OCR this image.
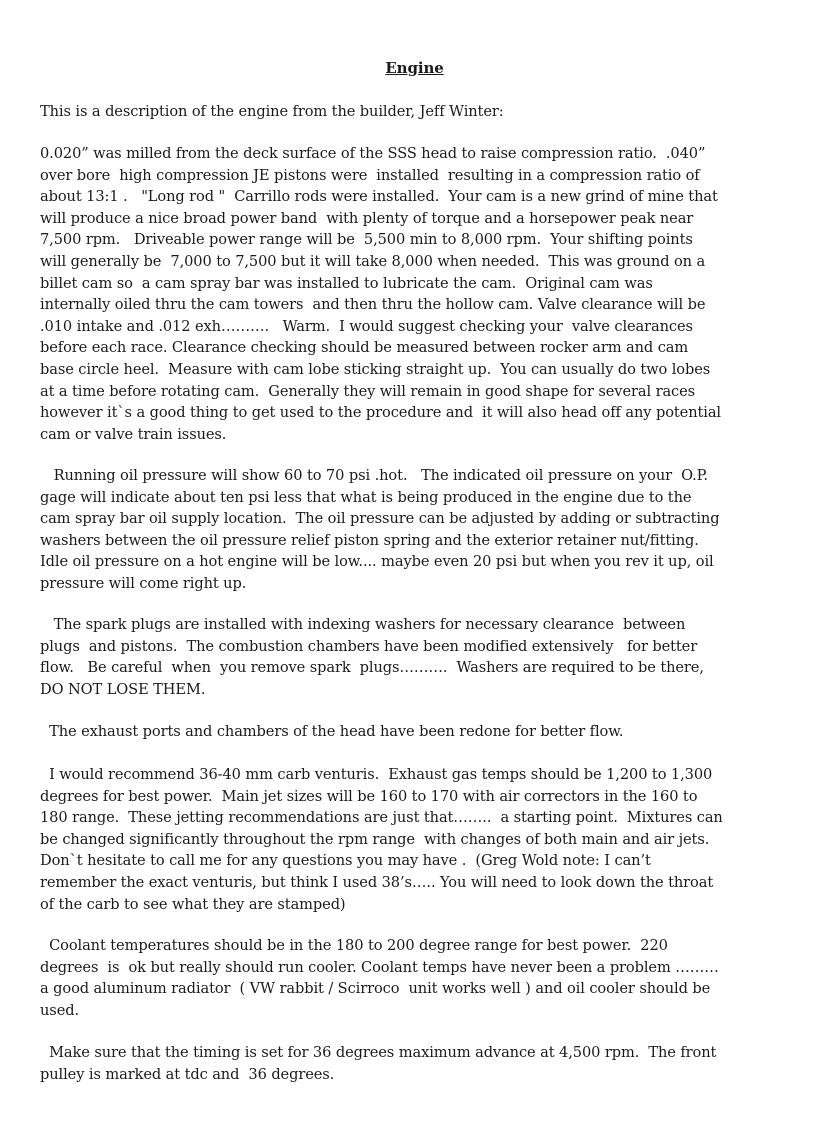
Engine
This is a description of the engine from the builder, Jeff Winter:
0.020” was milled from the deck surface of the SSS head to raise compression ratio.  .040”
over bore  high compression JE pistons were  installed  resulting in a compression ratio of
about 13:1 .   "Long rod "  Carrillo rods were installed.  Your cam is a new grind of mine that
will produce a nice broad power band  with plenty of torque and a horsepower peak near
7,500 rpm.   Driveable power range will be  5,500 min to 8,000 rpm.  Your shifting points
will generally be  7,000 to 7,500 but it will take 8,000 when needed.  This was ground on a
billet cam so  a cam spray bar was installed to lubricate the cam.  Original cam was
internally oiled thru the cam towers  and then thru the hollow cam. Valve clearance will be
.010 intake and .012 exh……….   Warm.  I would suggest checking your  valve clearances
before each race. Clearance checking should be measured between rocker arm and cam
base circle heel.  Measure with cam lobe sticking straight up.  You can usually do two lobes
at a time before rotating cam.  Generally they will remain in good shape for several races
however it`s a good thing to get used to the procedure and  it will also head off any potential
cam or valve train issues.
Running oil pressure will show 60 to 70 psi .hot.   The indicated oil pressure on your  O.P.
gage will indicate about ten psi less that what is being produced in the engine due to the
cam spray bar oil supply location.  The oil pressure can be adjusted by adding or subtracting
washers between the oil pressure relief piston spring and the exterior retainer nut/fitting.
Idle oil pressure on a hot engine will be low.... maybe even 20 psi but when you rev it up, oil
pressure will come right up.
The spark plugs are installed with indexing washers for necessary clearance  between
plugs  and pistons.  The combustion chambers have been modified extensively   for better
flow.   Be careful  when  you remove spark  plugs……….  Washers are required to be there,
DO NOT LOSE THEM.
The exhaust ports and chambers of the head have been redone for better flow.
I would recommend 36-40 mm carb venturis.  Exhaust gas temps should be 1,200 to 1,300
degrees for best power.  Main jet sizes will be 160 to 170 with air correctors in the 160 to
180 range.  These jetting recommendations are just that……..  a starting point.  Mixtures can
be changed significantly throughout the rpm range  with changes of both main and air jets.
Don`t hesitate to call me for any questions you may have .  (Greg Wold note: I can’t
remember the exact venturis, but think I used 38’s….. You will need to look down the throat
of the carb to see what they are stamped)
Coolant temperatures should be in the 180 to 200 degree range for best power.  220
degrees  is  ok but really should run cooler. Coolant temps have never been a problem ………
a good aluminum radiator  ( VW rabbit / Scirroco  unit works well ) and oil cooler should be
used.
Make sure that the timing is set for 36 degrees maximum advance at 4,500 rpm.  The front
pulley is marked at tdc and  36 degrees.
